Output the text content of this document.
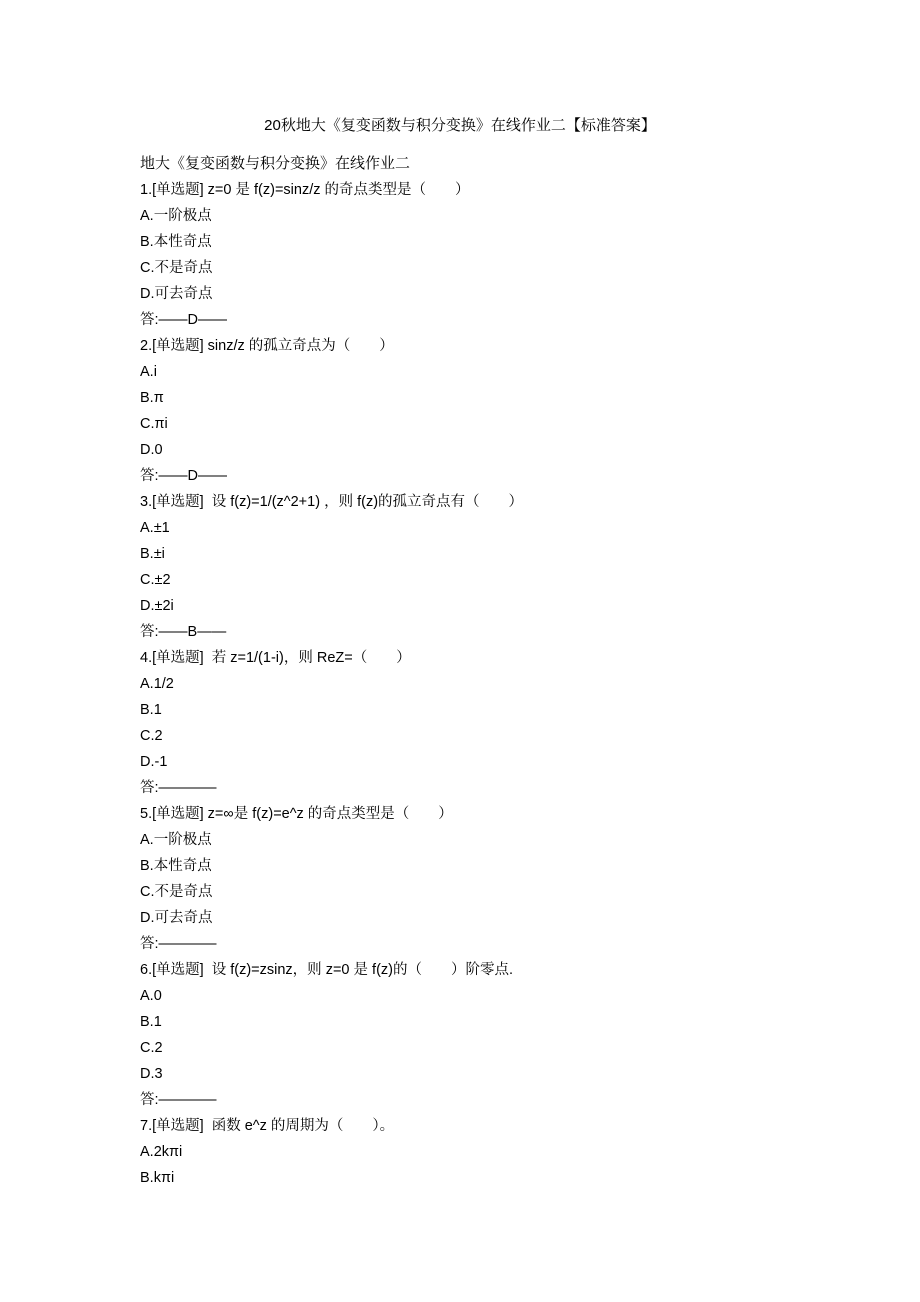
20秋地大《复变函数与积分变换》在线作业二【标准答案】
地大《复变函数与积分变换》在线作业二
1.[单选题] z=0 是 f(z)=sinz/z 的奇点类型是（　　）
A.一阶极点
B.本性奇点
C.不是奇点
D.可去奇点
答:——D——
2.[单选题] sinz/z 的孤立奇点为（　　）
A.i
B.π
C.πi
D.0
答:——D——
3.[单选题]  设 f(z)=1/(z^2+1) ，则 f(z)的孤立奇点有（　　）
A.±1
B.±i
C.±2
D.±2i
答:——B——
4.[单选题]  若 z=1/(1-i)，则 ReZ=（　　）
A.1/2
B.1
C.2
D.-1
答:————
5.[单选题] z=∞是 f(z)=e^z 的奇点类型是（　　）
A.一阶极点
B.本性奇点
C.不是奇点
D.可去奇点
答:————
6.[单选题]  设 f(z)=zsinz，则 z=0 是 f(z)的（　　）阶零点.
A.0
B.1
C.2
D.3
答:————
7.[单选题]  函数 e^z 的周期为（　　）。
A.2kπi
B.kπi
